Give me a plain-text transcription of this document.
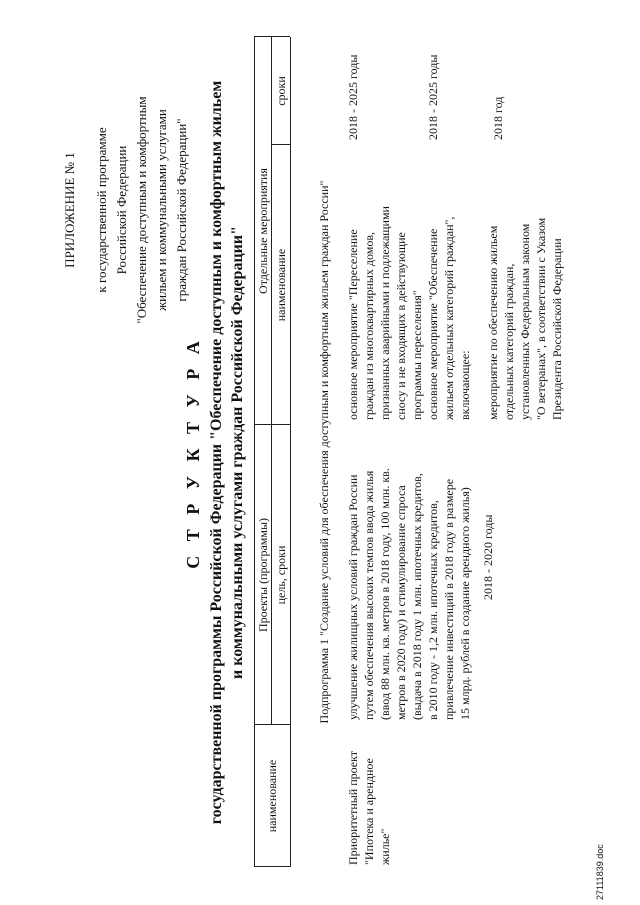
ПРИЛОЖЕНИЕ № 1 к государственной программе Российской Федерации "Обеспечение доступным и комфортным жильем и коммунальными услугами граждан Российской Федерации"
С Т Р У К Т У Р А государственной программы Российской Федерации "Обеспечение доступным и комфортным жильем и коммунальными услугами граждан Российской Федерации" Проекты (программы)
Отдельные мероприятия
наименование
цель, сроки
наименование
сроки
Подпрограмма 1 "Создание условий для обеспечения доступным и комфортным жильем граждан России"
Приоритетный проект "Ипотека и арендное жилье"
улучшение жилищных условий граждан России путем обеспечения высоких темпов ввода жилья (ввод 88 млн. кв. метров в 2018 году, 100 млн. кв. метров в 2020 году) и стимулирование спроса (выдача в 2018 году 1 млн. ипотечных кредитов, в 2010 году - 1,2 млн. ипотечных кредитов, привлечение инвестиций в 2018 году в размере 15 млрд. рублей в создание арендного жилья) 2018 - 2020 годы
основное мероприятие "Переселение граждан из многоквартирных домов, признанных аварийными и подлежащими сносу и не входящих в действующие программы переселения"
2018 - 2025 годы
основное мероприятие "Обеспечение жильем отдельных категорий граждан", включающее:
2018 - 2025 годы
мероприятие по обеспечению жильем отдельных категорий граждан, установленных Федеральным законом "О ветеранах", в соответствии с Указом Президента Российской Федерации
2018 год
27111839.doc
